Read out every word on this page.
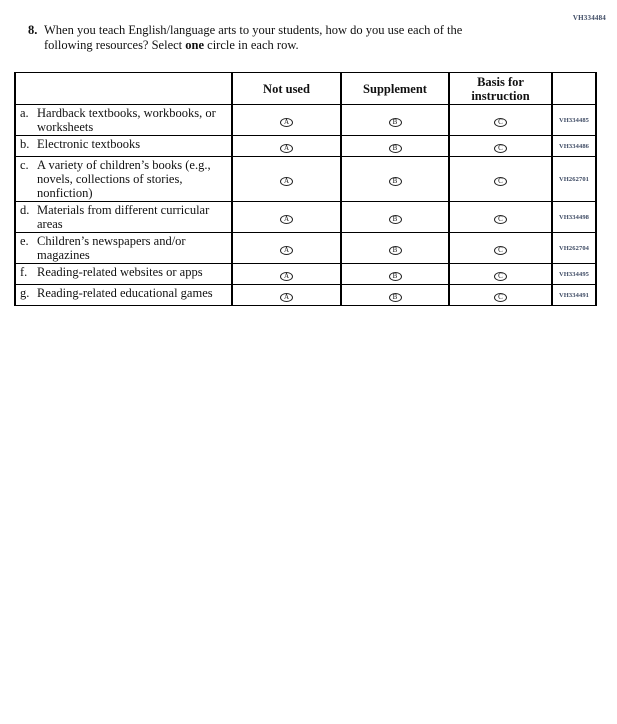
VH334484
8. When you teach English/language arts to your students, how do you use each of the
following resources? Select one circle in each row.
	Not used	Supplement	Basis for instruction	

a. Hardback textbooks, workbooks, or worksheets	A	B	C	VH334485

b. Electronic textbooks	A	B	C	VH334486

c. A variety of children’s books (e.g., novels, collections of stories, nonfiction)	A	B	C	VH262701

d. Materials from different curricular areas	A	B	C	VH334498

e. Children’s newspapers and/or magazines	A	B	C	VH262704

f. Reading-related websites or apps	A	B	C	VH334495

g. Reading-related educational games	A	B	C	VH334491
